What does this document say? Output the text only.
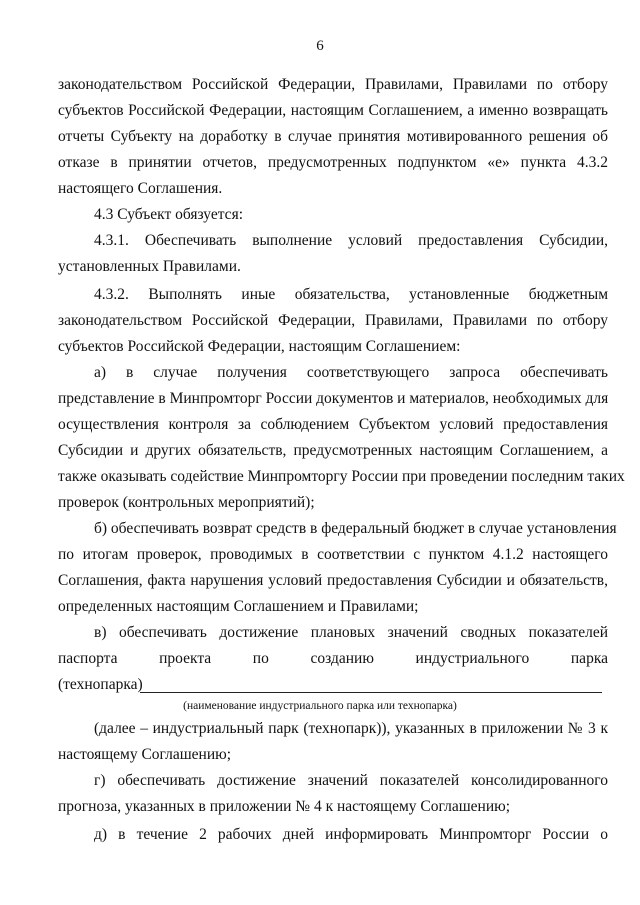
6
законодательством Российской Федерации, Правилами, Правилами по отбору
субъектов Российской Федерации, настоящим Соглашением, а именно возвращать
отчеты Субъекту на доработку в случае принятия мотивированного решения об
отказе в принятии отчетов, предусмотренных подпунктом «е» пункта 4.3.2
настоящего Соглашения.
4.3 Субъект обязуется:
4.3.1. Обеспечивать выполнение условий предоставления Субсидии,
установленных Правилами.
4.3.2. Выполнять иные обязательства, установленные бюджетным
законодательством Российской Федерации, Правилами, Правилами по отбору
субъектов Российской Федерации, настоящим Соглашением:
а) в случае получения соответствующего запроса обеспечивать
представление в Минпромторг России документов и материалов, необходимых для
осуществления контроля за соблюдением Субъектом условий предоставления
Субсидии и других обязательств, предусмотренных настоящим Соглашением, а
также оказывать содействие Минпромторгу России при проведении последним таких
проверок (контрольных мероприятий);
б) обеспечивать возврат средств в федеральный бюджет в случае установления
по итогам проверок, проводимых в соответствии с пунктом 4.1.2 настоящего
Соглашения, факта нарушения условий предоставления Субсидии и обязательств,
определенных настоящим Соглашением и Правилами;
в) обеспечивать достижение плановых значений сводных показателей
паспорта проекта по созданию индустриального парка
(технопарка)
(наименование индустриального парка или технопарка)
(далее – индустриальный парк (технопарк)), указанных в приложении № 3 к
настоящему Соглашению;
г) обеспечивать достижение значений показателей консолидированного
прогноза, указанных в приложении № 4 к настоящему Соглашению;
д) в течение 2 рабочих дней информировать Минпромторг России о
